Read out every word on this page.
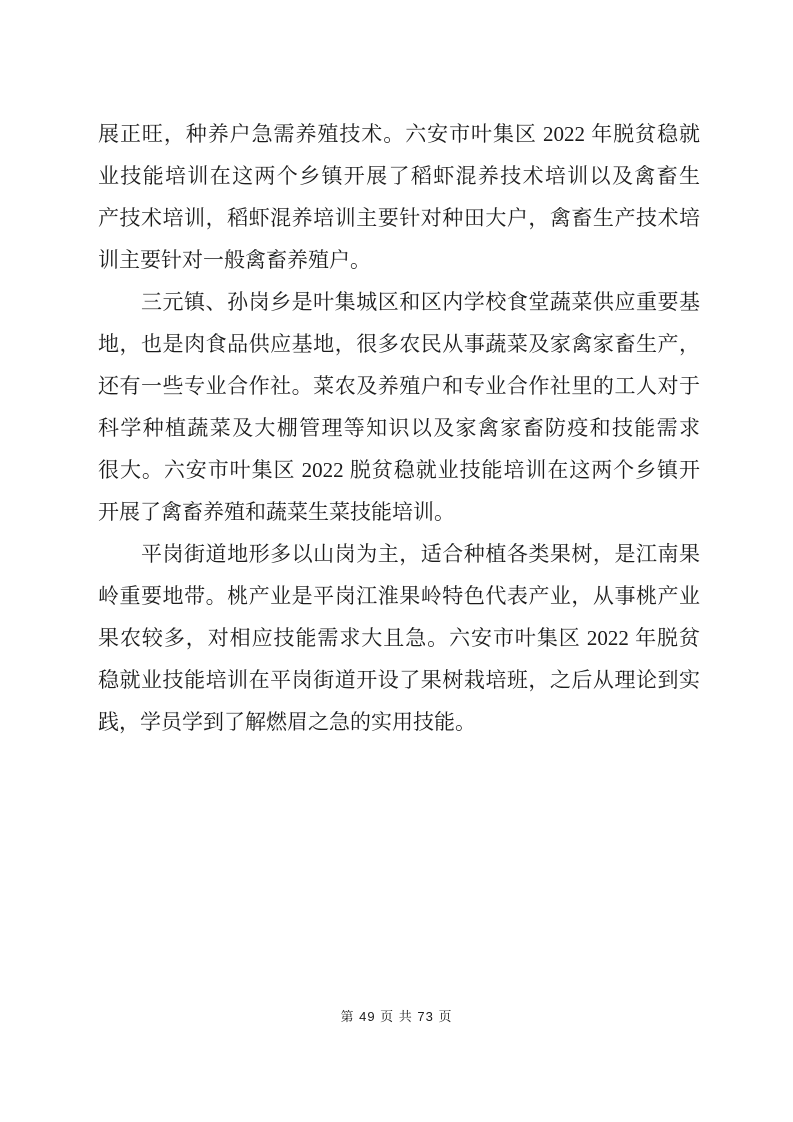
展正旺，种养户急需养殖技术。六安市叶集区 2022 年脱贫稳就
业技能培训在这两个乡镇开展了稻虾混养技术培训以及禽畜生
产技术培训，稻虾混养培训主要针对种田大户，禽畜生产技术培
训主要针对一般禽畜养殖户。
三元镇、孙岗乡是叶集城区和区内学校食堂蔬菜供应重要基
地，也是肉食品供应基地，很多农民从事蔬菜及家禽家畜生产，
还有一些专业合作社。菜农及养殖户和专业合作社里的工人对于
科学种植蔬菜及大棚管理等知识以及家禽家畜防疫和技能需求
很大。六安市叶集区 2022 脱贫稳就业技能培训在这两个乡镇开
开展了禽畜养殖和蔬菜生菜技能培训。
平岗街道地形多以山岗为主，适合种植各类果树，是江南果
岭重要地带。桃产业是平岗江淮果岭特色代表产业，从事桃产业
果农较多，对相应技能需求大且急。六安市叶集区 2022 年脱贫
稳就业技能培训在平岗街道开设了果树栽培班，之后从理论到实
践，学员学到了解燃眉之急的实用技能。
第 49 页 共 73 页
